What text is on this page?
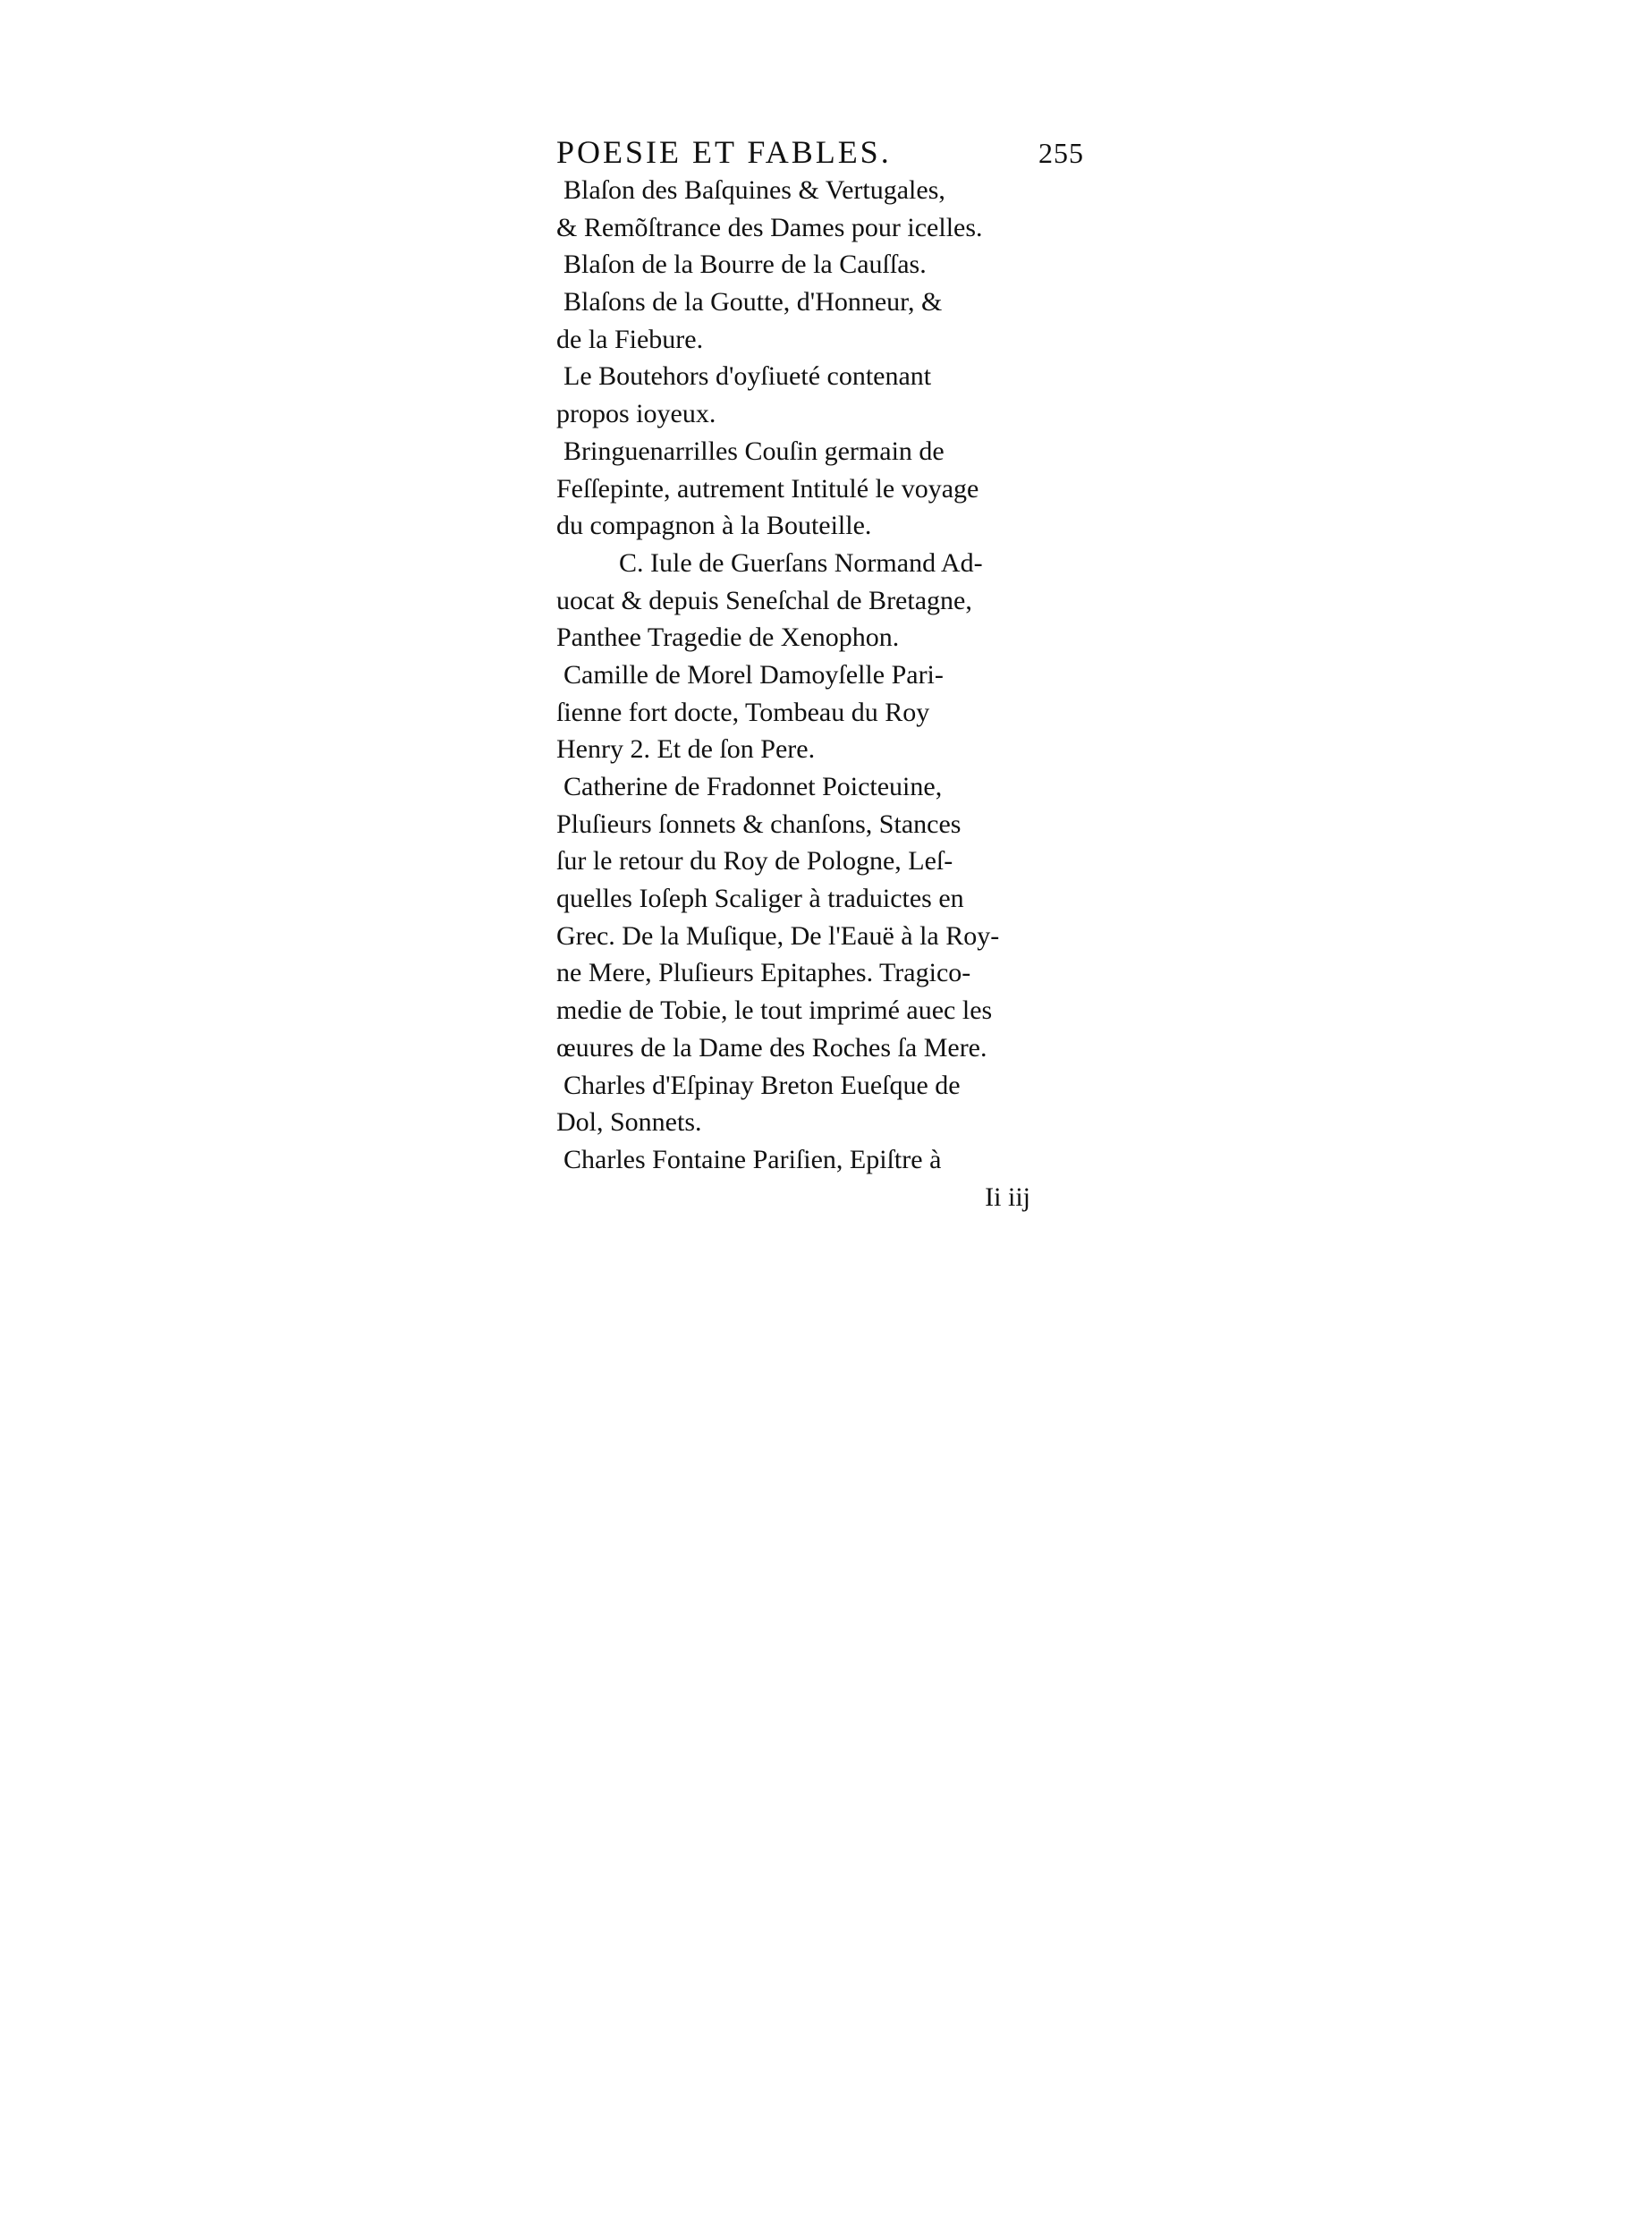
POESIE ET FABLES.	255
Blaſon des Baſquines & Vertugales,
& Remõſtrance des Dames pour icelles.
Blaſon de la Bourre de la Cauſſas.
Blaſons de la Goutte, d'Honneur, &
de la Fiebure.
Le Boutehors d'oyſiueté contenant
propos ioyeux.
Bringuenarrilles Couſin germain de
Feſſepinte, autrement Intitulé le voyage
du compagnon à la Bouteille.
C. Iule de Guerſans Normand Ad-
uocat & depuis Seneſchal de Bretagne,
Panthee Tragedie de Xenophon.
Camille de Morel Damoyſelle Pari-
ſienne fort docte, Tombeau du Roy
Henry 2. Et de ſon Pere.
Catherine de Fradonnet Poicteuine,
Pluſieurs ſonnets & chanſons, Stances
ſur le retour du Roy de Pologne, Leſ-
quelles Ioſeph Scaliger à traduictes en
Grec. De la Muſique, De l'Eauë à la Roy-
ne Mere, Pluſieurs Epitaphes. Tragico-
medie de Tobie, le tout imprimé auec les
œuures de la Dame des Roches ſa Mere.
Charles d'Eſpinay Breton Eueſque de
Dol, Sonnets.
Charles Fontaine Pariſien, Epiſtre à
Ii iij
